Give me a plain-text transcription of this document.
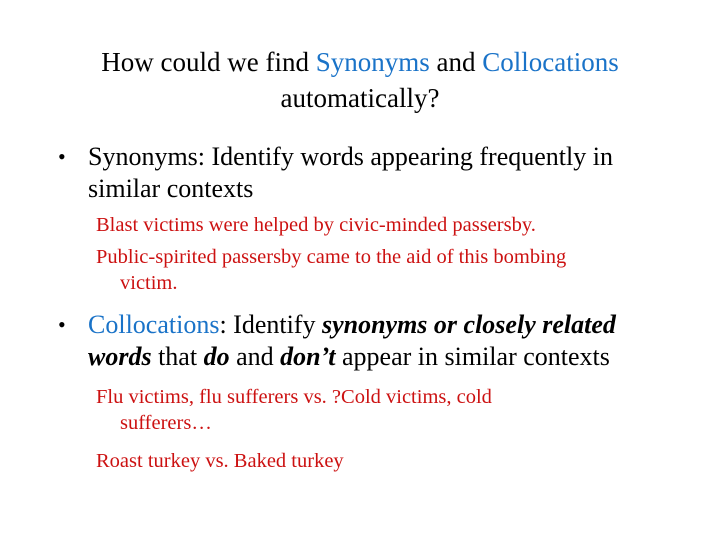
How could we find Synonyms and Collocations
automatically?
• Synonyms: Identify words appearing frequently in
similar contexts
Blast victims were helped by civic-minded passersby.
Public-spirited passersby came to the aid of this bombing
victim.
• Collocations: Identify synonyms or closely related
words that do and don’t appear in similar contexts
Flu victims, flu sufferers vs. ?Cold victims, cold
sufferers…
Roast turkey vs. Baked turkey
